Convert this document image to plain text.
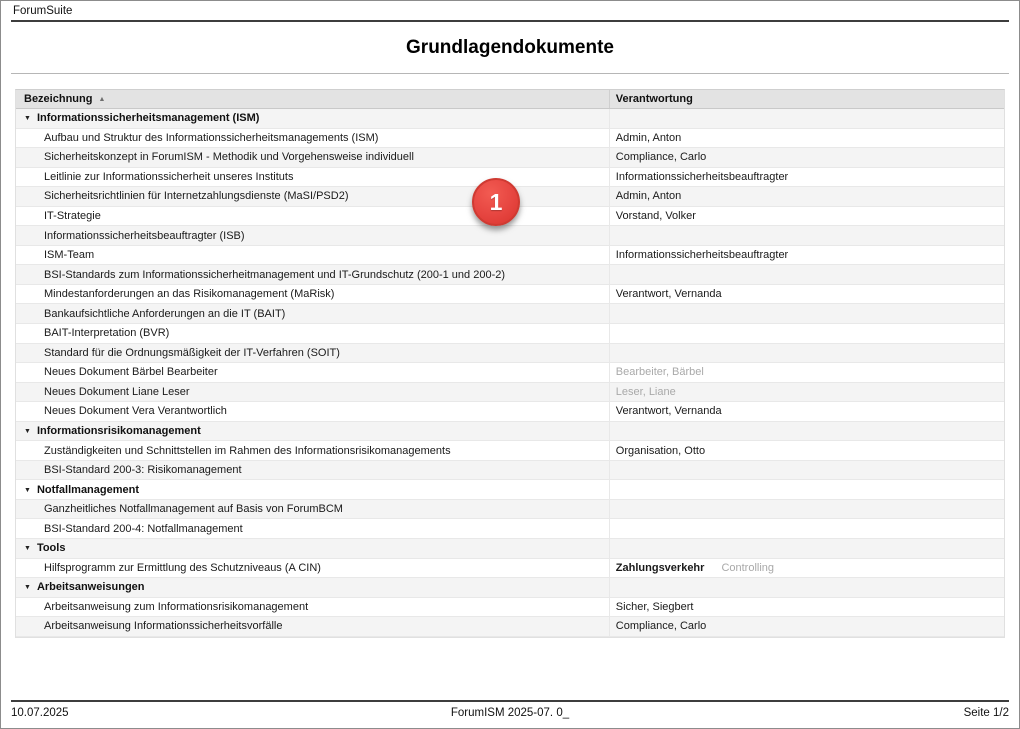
ForumSuite
Grundlagendokumente
Bezeichnung ▲	Verantwortung
▼ Informationssicherheitsmanagement (ISM)
Aufbau und Struktur des Informationssicherheitsmanagements (ISM)	Admin, Anton
Sicherheitskonzept in ForumISM - Methodik und Vorgehensweise individuell	Compliance, Carlo
Leitlinie zur Informationssicherheit unseres Instituts	Informationssicherheitsbeauftragter
Sicherheitsrichtlinien für Internetzahlungsdienste (MaSI/PSD2)	Admin, Anton
IT-Strategie	Vorstand, Volker
Informationssicherheitsbeauftragter (ISB)
ISM-Team	Informationssicherheitsbeauftragter
BSI-Standards zum Informationssicherheitmanagement und IT-Grundschutz (200-1 und 200-2)
Mindestanforderungen an das Risikomanagement (MaRisk)	Verantwort, Vernanda
Bankaufsichtliche Anforderungen an die IT (BAIT)
BAIT-Interpretation (BVR)
Standard für die Ordnungsmäßigkeit der IT-Verfahren (SOIT)
Neues Dokument Bärbel Bearbeiter	Bearbeiter, Bärbel
Neues Dokument Liane Leser	Leser, Liane
Neues Dokument Vera Verantwortlich	Verantwort, Vernanda
▼ Informationsrisikomanagement
Zuständigkeiten und Schnittstellen im Rahmen des Informationsrisikomanagements	Organisation, Otto
BSI-Standard 200-3: Risikomanagement
▼ Notfallmanagement
Ganzheitliches Notfallmanagement auf Basis von ForumBCM
BSI-Standard 200-4: Notfallmanagement
▼ Tools
Hilfsprogramm zur Ermittlung des Schutzniveaus (A CIN)	Zahlungsverkehr Controlling
▼ Arbeitsanweisungen
Arbeitsanweisung zum Informationsrisikomanagement	Sicher, Siegbert
Arbeitsanweisung Informationssicherheitsvorfälle	Compliance, Carlo
1
10.07.2025	ForumISM 2025-07. 0_	Seite 1/2
